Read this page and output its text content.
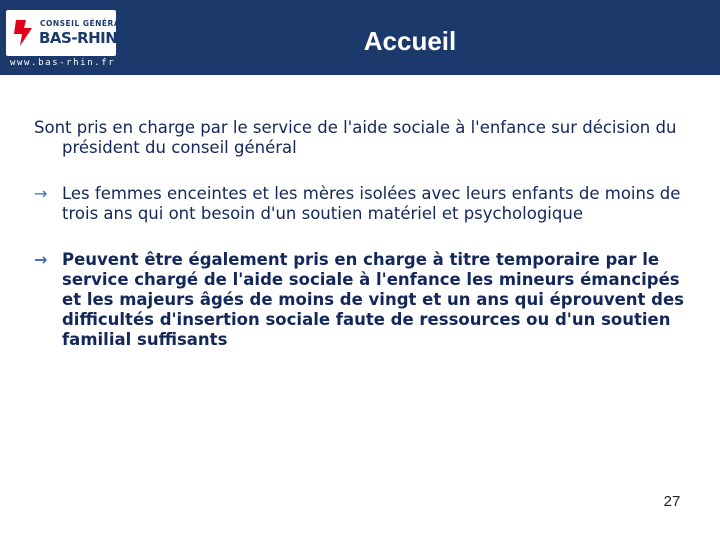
CONSEIL GÉNÉRAL
BAS-RHIN
www.bas-rhin.fr
Accueil

Sont pris en charge par le service de l'aide sociale à l'enfance sur décision du président du conseil général

→ Les femmes enceintes et les mères isolées avec leurs enfants de moins de trois ans qui ont besoin d'un soutien matériel et psychologique
→ Peuvent être également pris en charge à titre temporaire par le service chargé de l'aide sociale à l'enfance les mineurs émancipés et les majeurs âgés de moins de vingt et un ans qui éprouvent des difficultés d'insertion sociale faute de ressources ou d'un soutien familial suffisants
27
